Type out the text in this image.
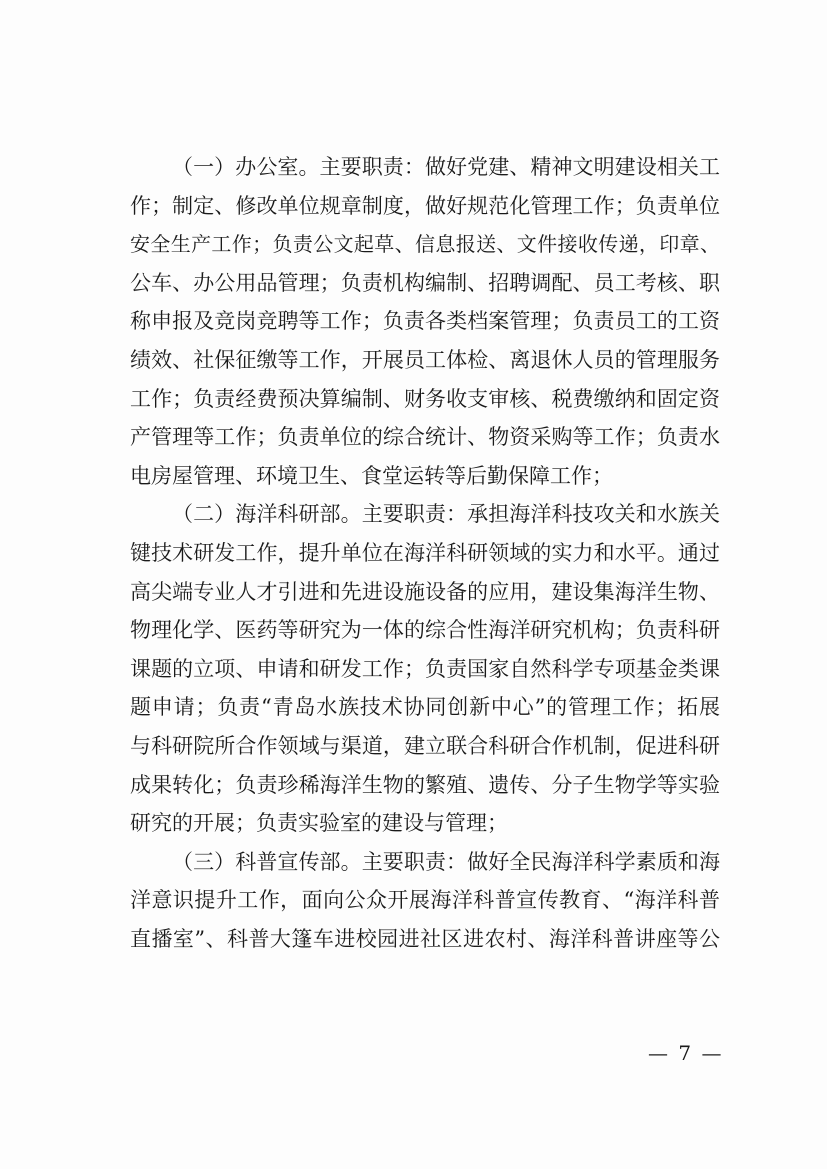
（一）办公室。主要职责：做好党建、精神文明建设相关工
作；制定、修改单位规章制度，做好规范化管理工作；负责单位
安全生产工作；负责公文起草、信息报送、文件接收传递，印章、
公车、办公用品管理；负责机构编制、招聘调配、员工考核、职
称申报及竞岗竞聘等工作；负责各类档案管理；负责员工的工资
绩效、社保征缴等工作，开展员工体检、离退休人员的管理服务
工作；负责经费预决算编制、财务收支审核、税费缴纳和固定资
产管理等工作；负责单位的综合统计、物资采购等工作；负责水
电房屋管理、环境卫生、食堂运转等后勤保障工作；
（二）海洋科研部。主要职责：承担海洋科技攻关和水族关
键技术研发工作，提升单位在海洋科研领域的实力和水平。通过
高尖端专业人才引进和先进设施设备的应用，建设集海洋生物、
物理化学、医药等研究为一体的综合性海洋研究机构；负责科研
课题的立项、申请和研发工作；负责国家自然科学专项基金类课
题申请；负责“青岛水族技术协同创新中心”的管理工作；拓展
与科研院所合作领域与渠道，建立联合科研合作机制，促进科研
成果转化；负责珍稀海洋生物的繁殖、遗传、分子生物学等实验
研究的开展；负责实验室的建设与管理；
（三）科普宣传部。主要职责：做好全民海洋科学素质和海
洋意识提升工作，面向公众开展海洋科普宣传教育、“海洋科普
直播室”、科普大篷车进校园进社区进农村、海洋科普讲座等公
— 7 —
